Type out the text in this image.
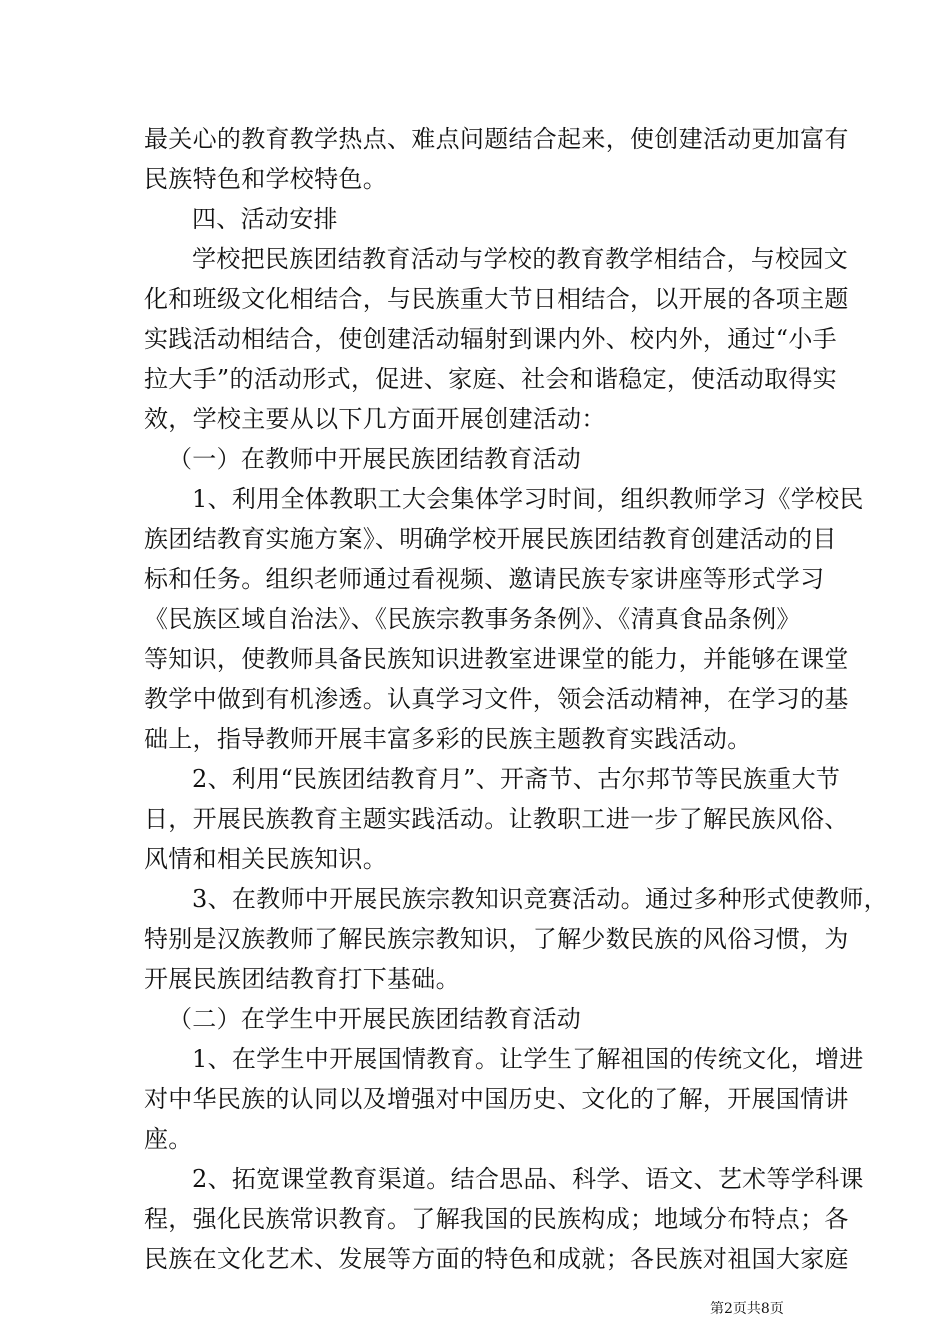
最关心的教育教学热点、难点问题结合起来，使创建活动更加富有
民族特色和学校特色。
四、活动安排
学校把民族团结教育活动与学校的教育教学相结合，与校园文
化和班级文化相结合，与民族重大节日相结合，以开展的各项主题
实践活动相结合，使创建活动辐射到课内外、校内外，通过“小手
拉大手”的活动形式，促进、家庭、社会和谐稳定，使活动取得实
效，学校主要从以下几方面开展创建活动：
（一）在教师中开展民族团结教育活动
1、利用全体教职工大会集体学习时间，组织教师学习《学校民
族团结教育实施方案》、明确学校开展民族团结教育创建活动的目
标和任务。组织老师通过看视频、邀请民族专家讲座等形式学习
《民族区域自治法》、《民族宗教事务条例》、《清真食品条例》
等知识，使教师具备民族知识进教室进课堂的能力，并能够在课堂
教学中做到有机渗透。认真学习文件，领会活动精神，在学习的基
础上，指导教师开展丰富多彩的民族主题教育实践活动。
2、利用“民族团结教育月”、开斋节、古尔邦节等民族重大节
日，开展民族教育主题实践活动。让教职工进一步了解民族风俗、
风情和相关民族知识。
3、在教师中开展民族宗教知识竞赛活动。通过多种形式使教师，
特别是汉族教师了解民族宗教知识，了解少数民族的风俗习惯，为
开展民族团结教育打下基础。
（二）在学生中开展民族团结教育活动
1、在学生中开展国情教育。让学生了解祖国的传统文化，增进
对中华民族的认同以及增强对中国历史、文化的了解，开展国情讲
座。
2、拓宽课堂教育渠道。结合思品、科学、语文、艺术等学科课
程，强化民族常识教育。了解我国的民族构成；地域分布特点；各
民族在文化艺术、发展等方面的特色和成就；各民族对祖国大家庭
第2页共8页
